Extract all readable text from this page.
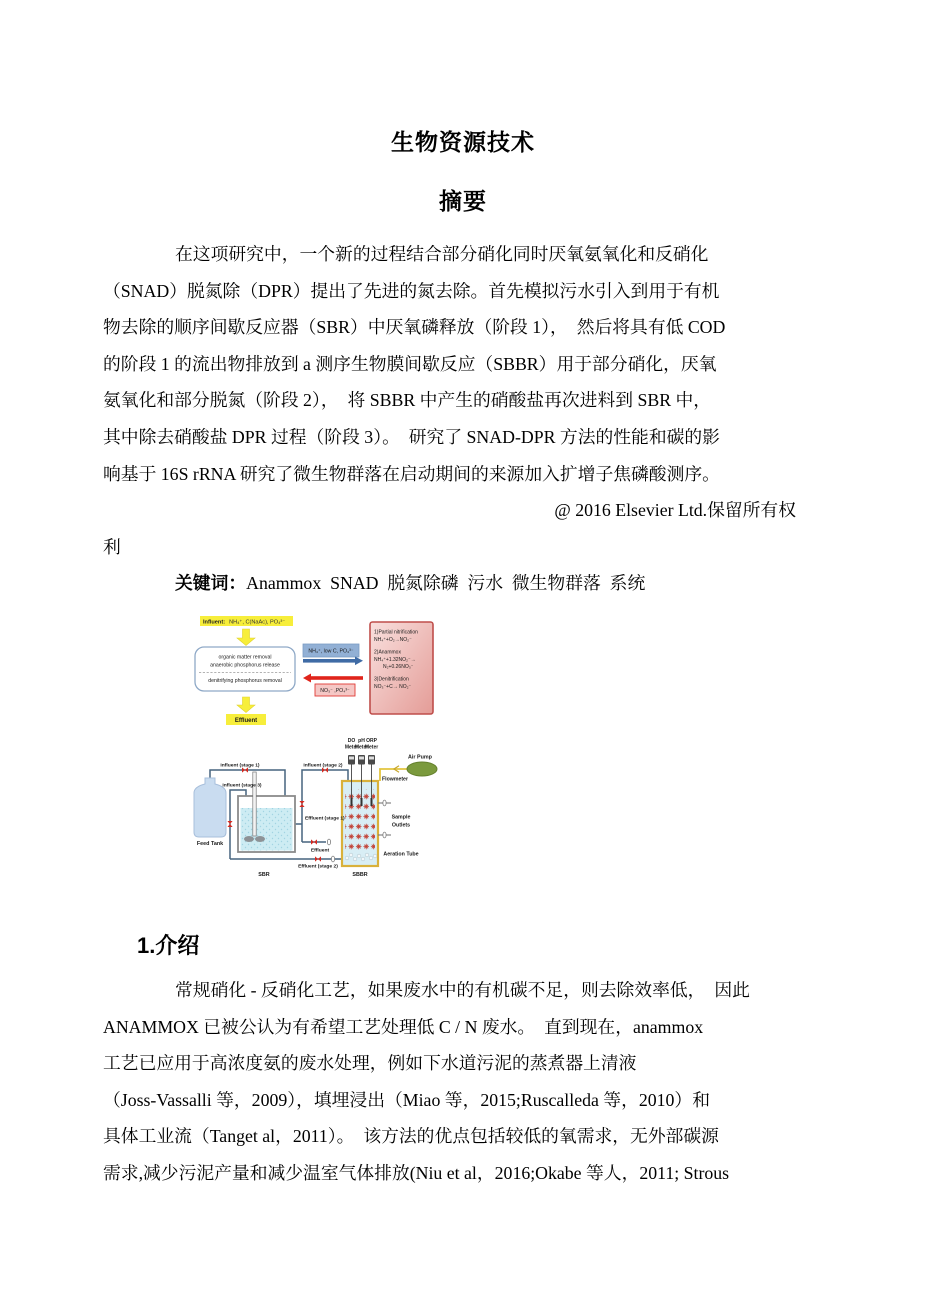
生物资源技术
摘要
在这项研究中，一个新的过程结合部分硝化同时厌氧氨氧化和反硝化
（SNAD）脱氮除（DPR）提出了先进的氮去除。首先模拟污水引入到用于有机
物去除的顺序间歇反应器（SBR）中厌氧磷释放（阶段 1），  然后将具有低 COD
的阶段 1 的流出物排放到 a 测序生物膜间歇反应（SBBR）用于部分硝化，厌氧
氨氧化和部分脱氮（阶段 2），  将 SBBR 中产生的硝酸盐再次进料到 SBR 中，
其中除去硝酸盐 DPR 过程（阶段 3）。  研究了 SNAD-DPR 方法的性能和碳的影
响基于 16S rRNA 研究了微生物群落在启动期间的来源加入扩增子焦磷酸测序。
@ 2016 Elsevier Ltd.保留所有权
利
关键词：Anammox  SNAD  脱氮除磷  污水  微生物群落  系统
Influent: NH₄⁺, C(NaAc), PO₄³⁻
organic matter removal
anaerobic phosphorus release
denitrifying phosphorus removal
Effluent
NH₄⁺, low C, PO₄³⁻
NO₃⁻ ,PO₄³⁻
1)Partial nitrification
NH₄⁺+O₂→NO₂⁻
2)Anammox
NH₄⁺+1.32NO₂⁻→
N₂+0.26NO₃⁻
3)Denitrification
NO₃⁻+C→ NO₂⁻
Feed Tank
SBR	SBBR
DO pH ORP
Meter
Meter
Meter
Air Pump
Flowmeter
Sample
Outlets
Aeration Tube
Influent (stage 1)
Influent (stage 3)
Influent (stage 2)
Effluent (stage 1)
Effluent
Effluent (stage 2)
1.介绍
常规硝化 - 反硝化工艺，如果废水中的有机碳不足，则去除效率低，  因此
ANAMMOX 已被公认为有希望工艺处理低 C / N 废水。  直到现在，anammox
工艺已应用于高浓度氨的废水处理，例如下水道污泥的蒸煮器上清液
（Joss-Vassalli 等，2009），填埋浸出（Miao 等，2015;Ruscalleda 等，2010）和
具体工业流（Tanget al，2011）。  该方法的优点包括较低的氧需求，无外部碳源
需求,减少污泥产量和减少温室气体排放(Niu et al，2016;Okabe 等人，2011; Strous
